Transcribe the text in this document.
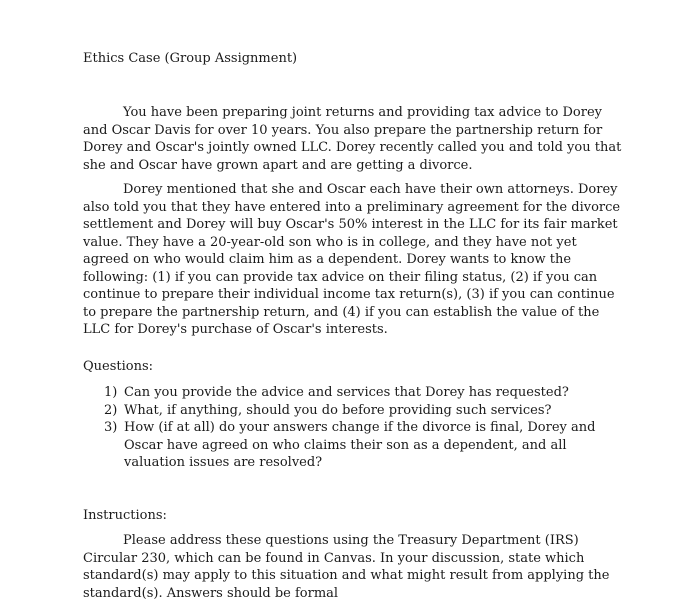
Ethics Case (Group Assignment)

You have been preparing joint returns and providing tax advice to Dorey and Oscar Davis for over 10 years. You also prepare the partnership return for Dorey and Oscar's jointly owned LLC. Dorey recently called you and told you that she and Oscar have grown apart and are getting a divorce.

Dorey mentioned that she and Oscar each have their own attorneys. Dorey also told you that they have entered into a preliminary agreement for the divorce settlement and Dorey will buy Oscar's 50% interest in the LLC for its fair market value. They have a 20-year-old son who is in college, and they have not yet agreed on who would claim him as a dependent. Dorey wants to know the following: (1) if you can provide tax advice on their filing status, (2) if you can continue to prepare their individual income tax return(s), (3) if you can continue to prepare the partnership return, and (4) if you can establish the value of the LLC for Dorey's purchase of Oscar's interests.

Questions:
1) Can you provide the advice and services that Dorey has requested?
2) What, if anything, should you do before providing such services?
3) How (if at all) do your answers change if the divorce is final, Dorey and Oscar have agreed on who claims their son as a dependent, and all valuation issues are resolved?
Instructions:

Please address these questions using the Treasury Department (IRS) Circular 230, which can be found in Canvas. In your discussion, state which standard(s) may apply to this situation and what might result from applying the standard(s). Answers should be formal
